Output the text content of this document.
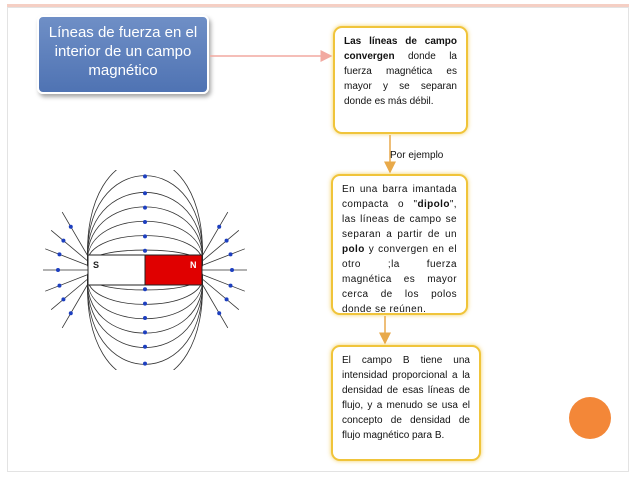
Líneas de fuerza en el interior de un campo magnético
Las líneas de campo convergen donde la fuerza magnética es mayor y se separan donde es más débil.
Por ejemplo
En una barra imantada compacta o "dipolo", las líneas de campo se separan a partir de un polo y convergen en el otro ;la fuerza magnética es mayor cerca de los polos donde se reúnen.
El campo B tiene una intensidad proporcional a la densidad de esas líneas de flujo, y a menudo se usa el concepto de densidad de flujo magnético para B.
S	N
